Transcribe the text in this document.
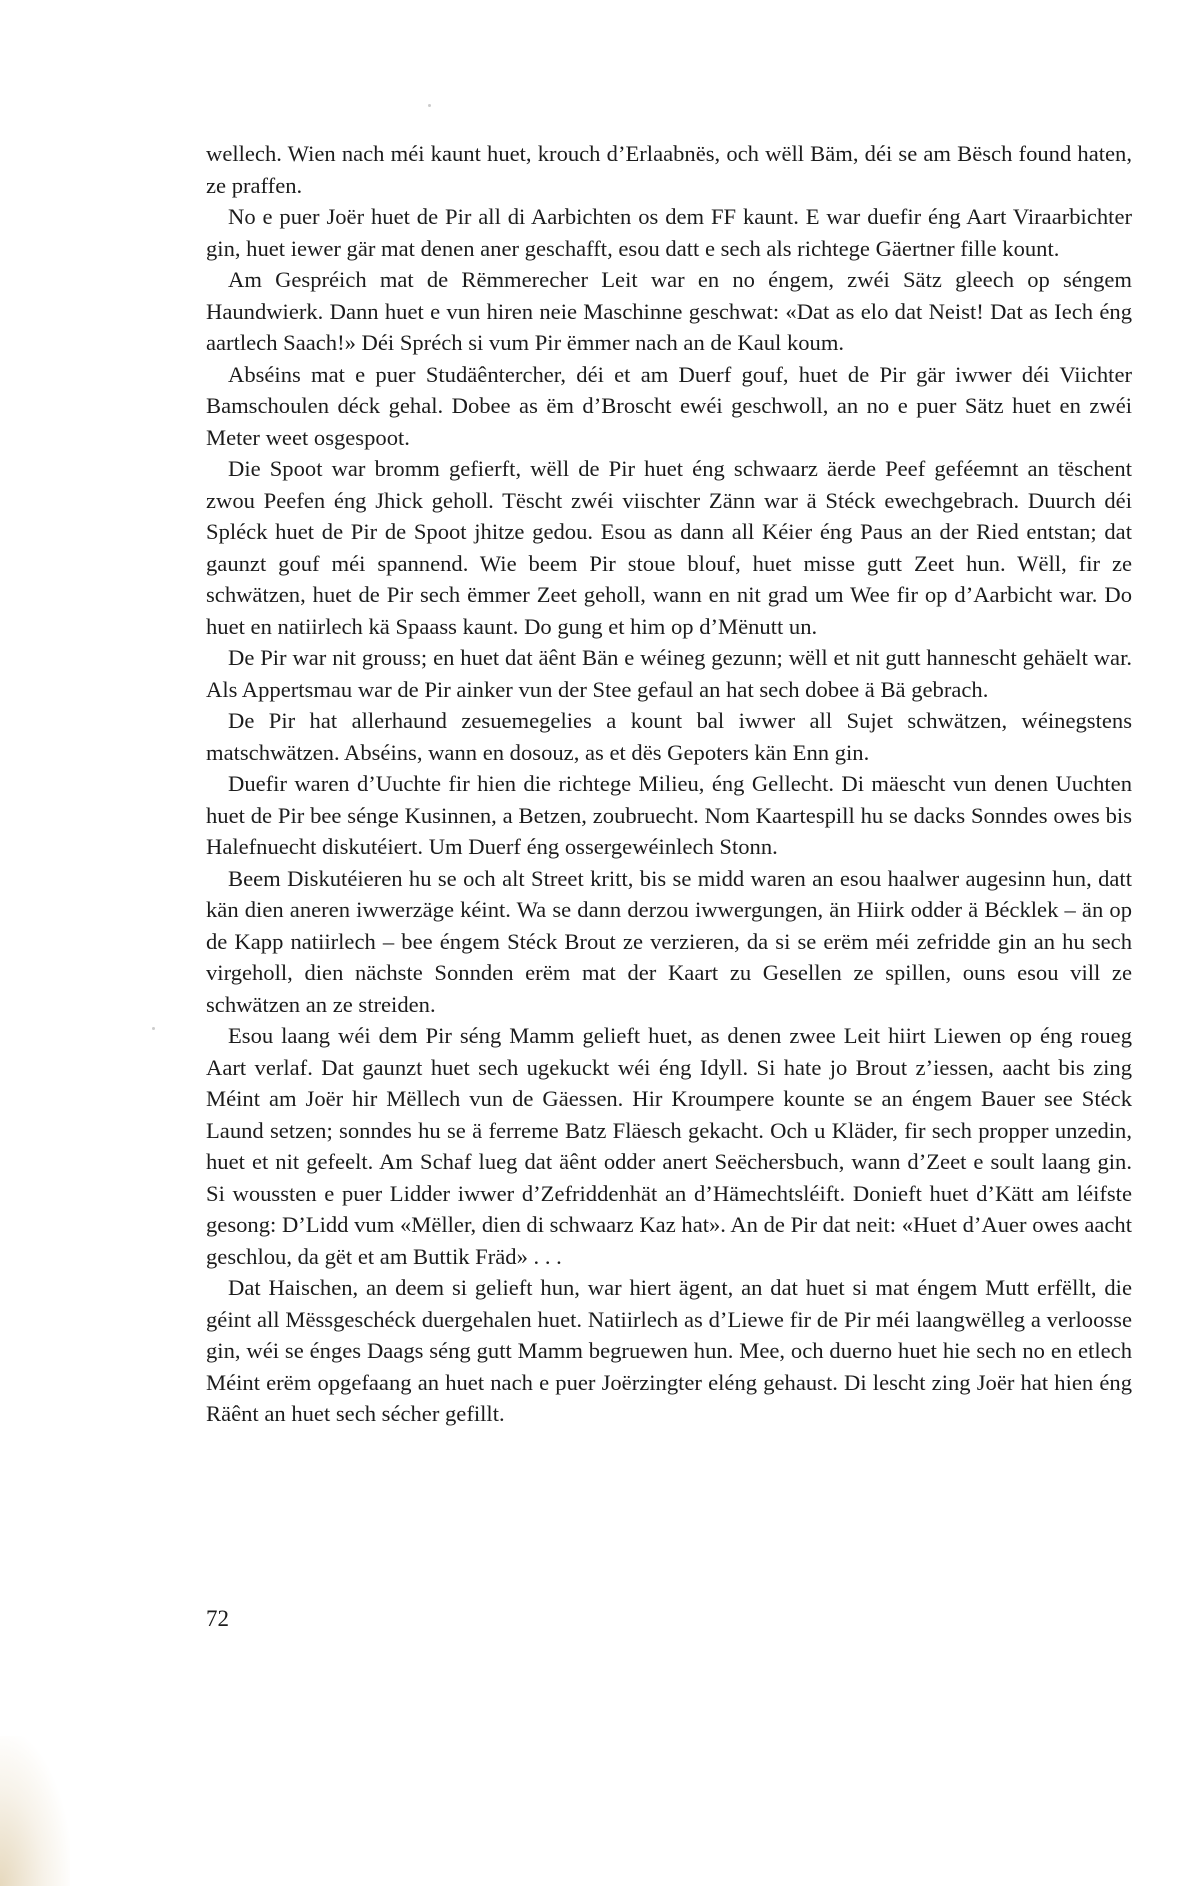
wellech. Wien nach méi kaunt huet, krouch d’Erlaabnës, och wëll Bäm, déi se am Bësch found haten, ze praffen.

No e puer Joër huet de Pir all di Aarbichten os dem FF kaunt. E war duefir éng Aart Viraarbichter gin, huet iewer gär mat denen aner geschafft, esou datt e sech als richtege Gäertner fille kount.

Am Gespréich mat de Rëmmerecher Leit war en no éngem, zwéi Sätz gleech op séngem Haundwierk. Dann huet e vun hiren neie Maschinne geschwat: «Dat as elo dat Neist! Dat as Iech éng aartlech Saach!» Déi Spréch si vum Pir ëmmer nach an de Kaul koum.

Abséins mat e puer Studäêntercher, déi et am Duerf gouf, huet de Pir gär iwwer déi Viichter Bamschoulen déck gehal. Dobee as ëm d’Broscht ewéi geschwoll, an no e puer Sätz huet en zwéi Meter weet osgespoot.

Die Spoot war bromm gefierft, wëll de Pir huet éng schwaarz äerde Peef geféemnt an tëschent zwou Peefen éng Jhick geholl. Tëscht zwéi viischter Zänn war ä Stéck ewechgebrach. Duurch déi Spléck huet de Pir de Spoot jhitze gedou. Esou as dann all Kéier éng Paus an der Ried entstan; dat gaunzt gouf méi spannend. Wie beem Pir stoue blouf, huet misse gutt Zeet hun. Wëll, fir ze schwätzen, huet de Pir sech ëmmer Zeet geholl, wann en nit grad um Wee fir op d’Aarbicht war. Do huet en natiirlech kä Spaass kaunt. Do gung et him op d’Mënutt un.

De Pir war nit grouss; en huet dat äênt Bän e wéineg gezunn; wëll et nit gutt hannescht gehäelt war. Als Appertsmau war de Pir ainker vun der Stee gefaul an hat sech dobee ä Bä gebrach.

De Pir hat allerhaund zesuemegelies a kount bal iwwer all Sujet schwätzen, wéinegstens matschwätzen. Abséins, wann en dosouz, as et dës Gepoters kän Enn gin.

Duefir waren d’Uuchte fir hien die richtege Milieu, éng Gellecht. Di mäescht vun denen Uuchten huet de Pir bee sénge Kusinnen, a Betzen, zoubruecht. Nom Kaartespill hu se dacks Sonndes owes bis Halefnuecht diskutéiert. Um Duerf éng ossergewéinlech Stonn.

Beem Diskutéieren hu se och alt Street kritt, bis se midd waren an esou haalwer augesinn hun, datt kän dien aneren iwwerzäge kéint. Wa se dann derzou iwwergungen, än Hiirk odder ä Bécklek – än op de Kapp natiirlech – bee éngem Stéck Brout ze verzieren, da si se erëm méi zefridde gin an hu sech virgeholl, dien nächste Sonnden erëm mat der Kaart zu Gesellen ze spillen, ouns esou vill ze schwätzen an ze streiden.

Esou laang wéi dem Pir séng Mamm gelieft huet, as denen zwee Leit hiirt Liewen op éng roueg Aart verlaf. Dat gaunzt huet sech ugekuckt wéi éng Idyll. Si hate jo Brout z’iessen, aacht bis zing Méint am Joër hir Mëllech vun de Gäessen. Hir Kroumpere kounte se an éngem Bauer see Stéck Laund setzen; sonndes hu se ä ferreme Batz Fläesch gekacht. Och u Kläder, fir sech propper unzedin, huet et nit gefeelt. Am Schaf lueg dat äênt odder anert Seëchersbuch, wann d’Zeet e soult laang gin. Si woussten e puer Lidder iwwer d’Zefriddenhät an d’Hämechtsléift. Donieft huet d’Kätt am léifste gesong: D’Lidd vum «Mëller, dien di schwaarz Kaz hat». An de Pir dat neit: «Huet d’Auer owes aacht geschlou, da gët et am Buttik Fräd» . . .

Dat Haischen, an deem si gelieft hun, war hiert ägent, an dat huet si mat éngem Mutt erfëllt, die géint all Mëssgeschéck duergehalen huet. Natiirlech as d’Liewe fir de Pir méi laangwëlleg a verloosse gin, wéi se énges Daags séng gutt Mamm begruewen hun. Mee, och duerno huet hie sech no en etlech Méint erëm opgefaang an huet nach e puer Joërzingter eléng gehaust. Di lescht zing Joër hat hien éng Räênt an huet sech sécher gefillt.

72
